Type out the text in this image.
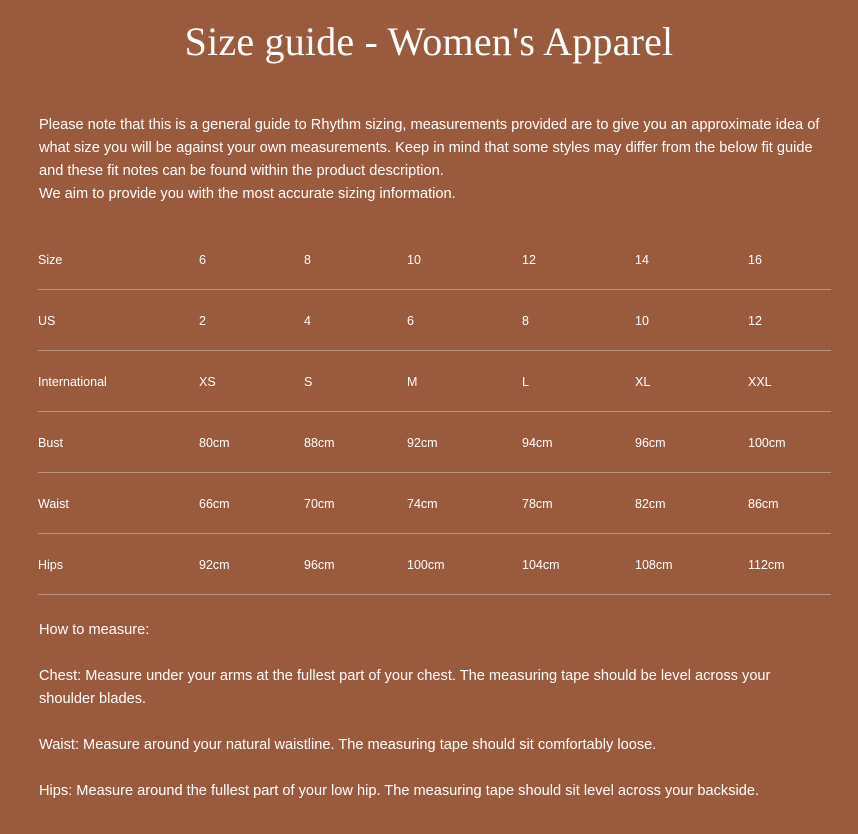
Size guide - Women's Apparel

Please note that this is a general guide to Rhythm sizing, measurements provided are to give you an approximate idea of

what size you will be against your own measurements. Keep in mind that some styles may differ from the below fit guide

and these fit notes can be found within the product description.

We aim to provide you with the most accurate sizing information.

Size	6	8	10	12	14	16
US	2	4	6	8	10	12
International	XS	S	M	L	XL	XXL
Bust	80cm	88cm	92cm	94cm	96cm	100cm
Waist	66cm	70cm	74cm	78cm	82cm	86cm
Hips	92cm	96cm	100cm	104cm	108cm	112cm

How to measure:

Chest: Measure under your arms at the fullest part of your chest. The measuring tape should be level across your

shoulder blades.

Waist: Measure around your natural waistline. The measuring tape should sit comfortably loose.

Hips: Measure around the fullest part of your low hip. The measuring tape should sit level across your backside.
